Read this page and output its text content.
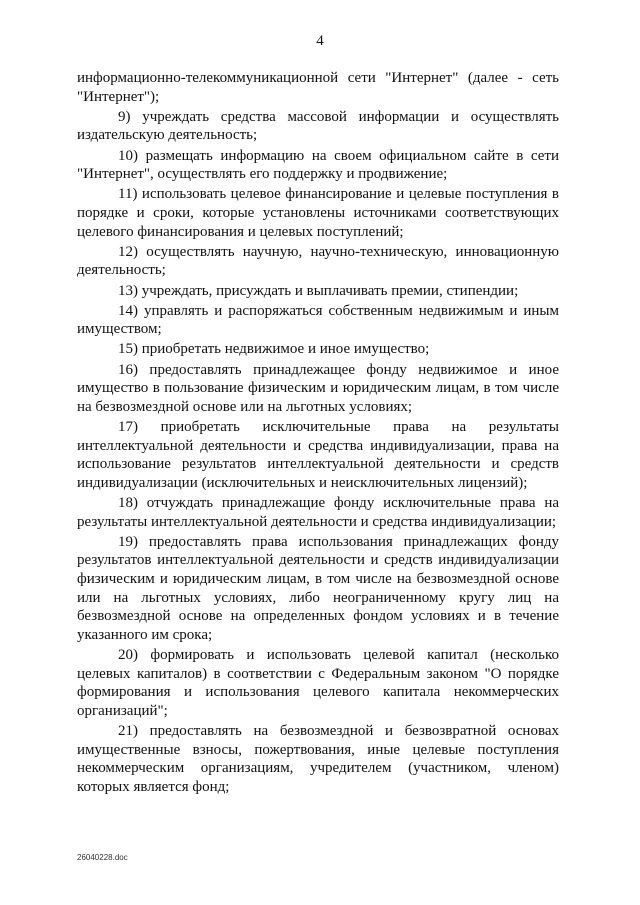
4

информационно-телекоммуникационной сети "Интернет" (далее - сеть "Интернет");

9) учреждать средства массовой информации и осуществлять издательскую деятельность;

10) размещать информацию на своем официальном сайте в сети "Интернет", осуществлять его поддержку и продвижение;

11) использовать целевое финансирование и целевые поступления в порядке и сроки, которые установлены источниками соответствующих целевого финансирования и целевых поступлений;

12) осуществлять научную, научно-техническую, инновационную деятельность;

13) учреждать, присуждать и выплачивать премии, стипендии;

14) управлять и распоряжаться собственным недвижимым и иным имуществом;

15) приобретать недвижимое и иное имущество;

16) предоставлять принадлежащее фонду недвижимое и иное имущество в пользование физическим и юридическим лицам, в том числе на безвозмездной основе или на льготных условиях;

17) приобретать исключительные права на результаты интеллектуальной деятельности и средства индивидуализации, права на использование результатов интеллектуальной деятельности и средств индивидуализации (исключительных и неисключительных лицензий);

18) отчуждать принадлежащие фонду исключительные права на результаты интеллектуальной деятельности и средства индивидуализации;

19) предоставлять права использования принадлежащих фонду результатов интеллектуальной деятельности и средств индивидуализации физическим и юридическим лицам, в том числе на безвозмездной основе или на льготных условиях, либо неограниченному кругу лиц на безвозмездной основе на определенных фондом условиях и в течение указанного им срока;

20) формировать и использовать целевой капитал (несколько целевых капиталов) в соответствии с Федеральным законом "О порядке формирования и использования целевого капитала некоммерческих организаций";

21) предоставлять на безвозмездной и безвозвратной основах имущественные взносы, пожертвования, иные целевые поступления некоммерческим организациям, учредителем (участником, членом) которых является фонд;

26040228.doc
